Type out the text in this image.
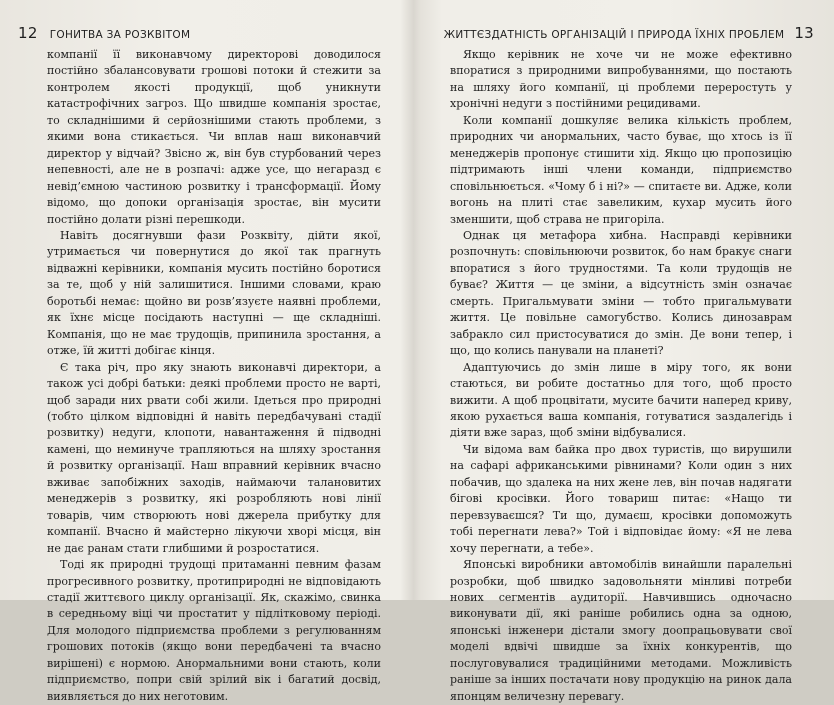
12 ГОНИТВА ЗА РОЗКВІТОМ

компанії її виконавчому директорові доводилося постійно збалансовувати грошові потоки й стежити за контролем якості продукції, щоб уникнути катастрофічних загроз. Що швидше компанія зростає, то складнішими й серйознішими стають проблеми, з якими вона стикається. Чи вплав наш виконавчий директор у відчай? Звісно ж, він був стурбований через непевності, але не в розпачі: адже усе, що негаразд є невід’ємною частиною розвитку і трансформації. Йому відомо, що допоки організація зростає, він мусити постійно долати різні перешкоди.

Навіть досягнувши фази Розквіту, дійти якої, утримається чи повернутися до якої так прагнуть відважні керівники, компанія мусить постійно боротися за те, щоб у ній залишитися. Іншими словами, краю боротьбі немає: щойно ви розв’язуєте наявні проблеми, як їхнє місце посідають наступні — ще складніші. Компанія, що не має трудощів, припинила зростання, а отже, їй житті добігає кінця.

Є така річ, про яку знають виконавчі директори, а також усі добрі батьки: деякі проблеми просто не варті, щоб заради них рвати собі жили. Ідеться про природні (тобто цілком відповідні й навіть передбачувані стадії розвитку) недуги, клопоти, навантаження й підводні камені, що неминуче трапляються на шляху зростання й розвитку організації. Наш вправний керівник вчасно вживає запобіжних заходів, наймаючи талановитих менеджерів з розвитку, які розробляють нові лінії товарів, чим створюють нові джерела прибутку для компанії. Вчасно й майстерно лікуючи хворі місця, він не дає ранам стати глибшими й розростатися.

Тоді як природні трудощі притаманні певним фазам прогресивного розвитку, протиприродні не відповідають стадії життєвого циклу організації. Як, скажімо, свинка в середньому віці чи простатит у підлітковому періоді. Для молодого підприємства проблеми з регулюванням грошових потоків (якщо вони передбачені та вчасно вирішені) є нормою. Анормальними вони стають, коли підприємство, попри свій зрілий вік і багатий досвід, виявляється до них неготовим.

ЖИТТЄЗДАТНІСТЬ ОРГАНІЗАЦІЙ І ПРИРОДА ЇХНІХ ПРОБЛЕМ 13

Якщо керівник не хоче чи не може ефективно впоратися з природними випробуваннями, що постають на шляху його компанії, ці проблеми переростуть у хронічні недуги з постійними рецидивами.

Коли компанії дошкуляє велика кількість проблем, природних чи анормальних, часто буває, що хтось із її менеджерів пропонує стишити хід. Якщо цю пропозицію підтримають інші члени команди, підприємство сповільнюється. «Чому б і ні?» — спитаєте ви. Адже, коли вогонь на плиті стає завеликим, кухар мусить його зменшити, щоб страва не пригоріла.

Однак ця метафора хибна. Насправді керівники розпочнуть: сповільнюючи розвиток, бо нам бракує снаги впоратися з його трудностями. Та коли трудощів не буває? Життя — це зміни, а відсутність змін означає смерть. Пригальмувати зміни — тобто пригальмувати життя. Це повільне самогубство. Колись динозаврам забракло сил пристосуватися до змін. Де вони тепер, і що, що колись панували на планеті?

Адаптуючись до змін лише в міру того, як вони стаються, ви робите достатньо для того, щоб просто вижити. А щоб процвітати, мусите бачити наперед криву, якою рухається ваша компанія, готуватися заздалегідь і діяти вже зараз, щоб зміни відбувалися.

Чи відома вам байка про двох туристів, що вирушили на сафарі африканськими рівнинами? Коли один з них побачив, що здалека на них жене лев, він почав надягати бігові кросівки. Його товариш питає: «Нащо ти перевзуваєшся? Ти що, думаєш, кросівки допоможуть тобі перегнати лева?» Той і відповідає йому: «Я не лева хочу перегнати, а тебе».

Японські виробники автомобілів винайшли паралельні розробки, щоб швидко задовольняти мінливі потреби нових сегментів аудиторії. Навчившись одночасно виконувати дії, які раніше робились одна за одною, японські інженери дістали змогу доопрацьовувати свої моделі вдвічі швидше за їхніх конкурентів, що послуговувалися традиційними методами. Можливість раніше за інших постачати нову продукцію на ринок дала японцям величезну перевагу.
